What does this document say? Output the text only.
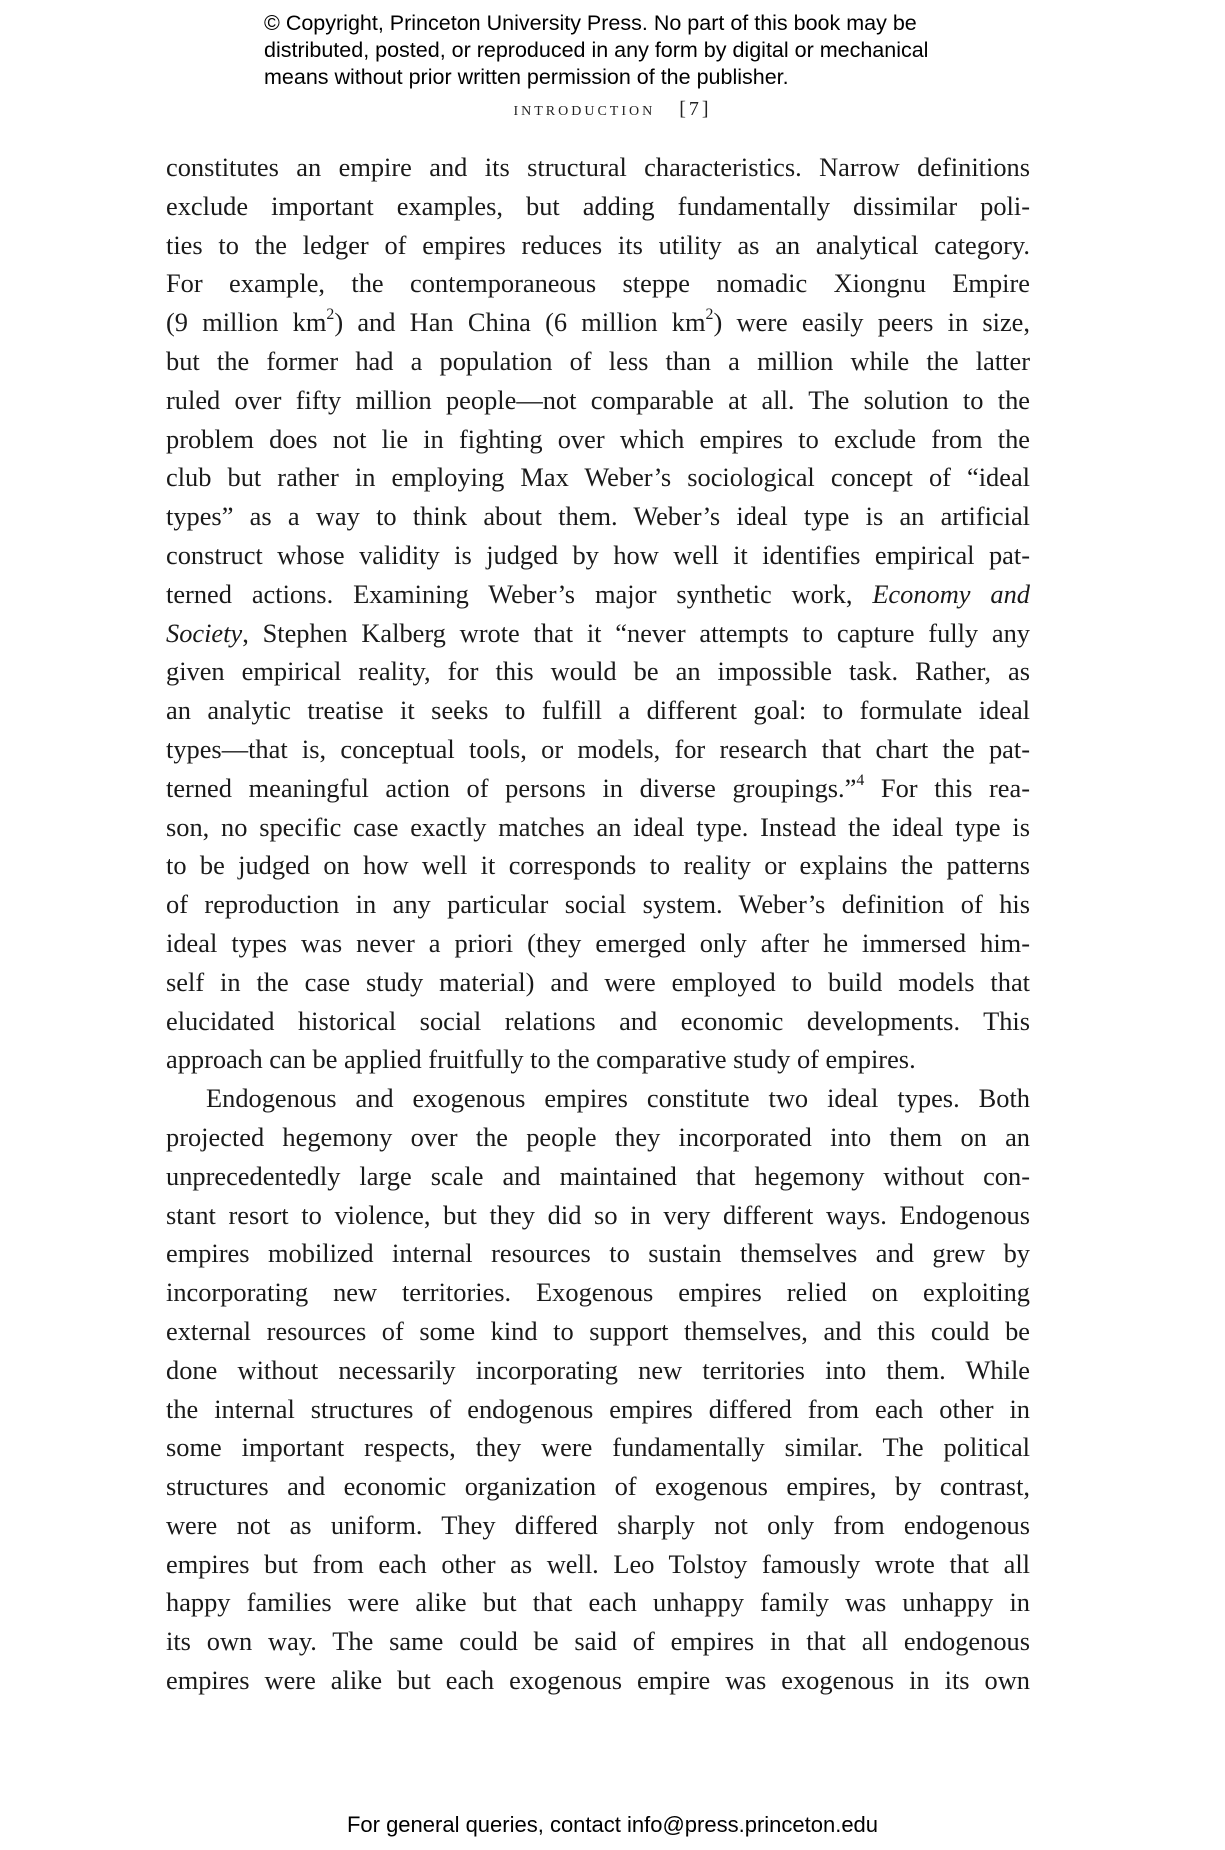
© Copyright, Princeton University Press. No part of this book may be
distributed, posted, or reproduced in any form by digital or mechanical
means without prior written permission of the publisher.
introduction [7]
constitutes an empire and its structural characteristics. Narrow definitions
exclude important examples, but adding fundamentally dissimilar poli-
ties to the ledger of empires reduces its utility as an analytical category.
For example, the contemporaneous steppe nomadic Xiongnu Empire
(9 million $km^2$) and Han China (6 million $km^2$) were easily peers in size,
but the former had a population of less than a million while the latter
ruled over fifty million people—not comparable at all. The solution to the
problem does not lie in fighting over which empires to exclude from the
club but rather in employing Max Weber’s sociological concept of “ideal
types” as a way to think about them. Weber’s ideal type is an artificial
construct whose validity is judged by how well it identifies empirical pat-
terned actions. Examining Weber’s major synthetic work, Economy and
Society, Stephen Kalberg wrote that it “never attempts to capture fully any
given empirical reality, for this would be an impossible task. Rather, as
an analytic treatise it seeks to fulfill a different goal: to formulate ideal
types—that is, conceptual tools, or models, for research that chart the pat-
terned meaningful action of persons in diverse groupings.”$^4$ For this rea-
son, no specific case exactly matches an ideal type. Instead the ideal type is
to be judged on how well it corresponds to reality or explains the patterns
of reproduction in any particular social system. Weber’s definition of his
ideal types was never a priori (they emerged only after he immersed him-
self in the case study material) and were employed to build models that
elucidated historical social relations and economic developments. This
approach can be applied fruitfully to the comparative study of empires.
Endogenous and exogenous empires constitute two ideal types. Both
projected hegemony over the people they incorporated into them on an
unprecedentedly large scale and maintained that hegemony without con-
stant resort to violence, but they did so in very different ways. Endogenous
empires mobilized internal resources to sustain themselves and grew by
incorporating new territories. Exogenous empires relied on exploiting
external resources of some kind to support themselves, and this could be
done without necessarily incorporating new territories into them. While
the internal structures of endogenous empires differed from each other in
some important respects, they were fundamentally similar. The political
structures and economic organization of exogenous empires, by contrast,
were not as uniform. They differed sharply not only from endogenous
empires but from each other as well. Leo Tolstoy famously wrote that all
happy families were alike but that each unhappy family was unhappy in
its own way. The same could be said of empires in that all endogenous
empires were alike but each exogenous empire was exogenous in its own
For general queries, contact info@press.princeton.edu
